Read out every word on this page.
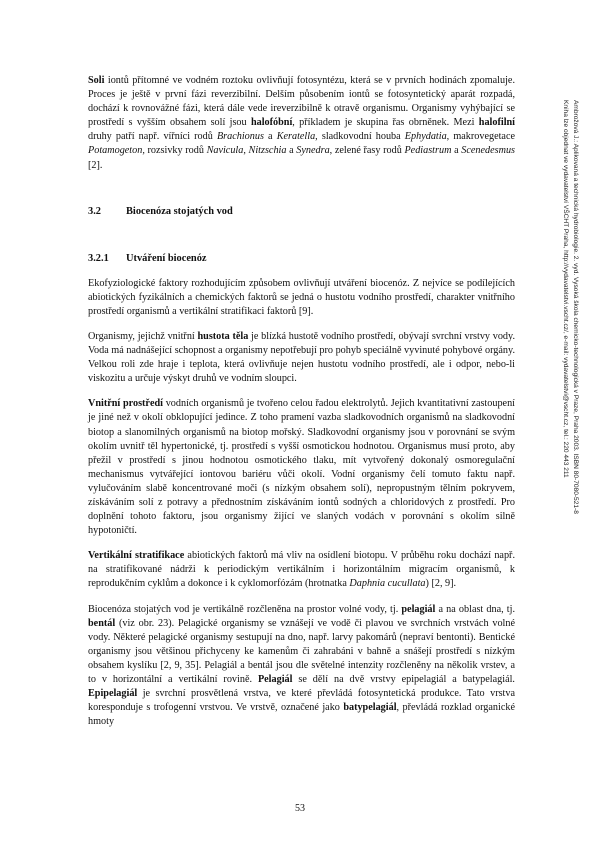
Soli iontů přítomné ve vodném roztoku ovlivňují fotosyntézu, která se v prvních hodinách zpomaluje. Proces je ještě v první fázi reverzibilní. Delším působením iontů se fotosyntetický aparát rozpadá, dochází k rovnovážné fázi, která dále vede ireverzibilně k otravě organismu. Organismy vyhýbající se prostředí s vyšším obsahem solí jsou halofóbní, příkladem je skupina řas obrněnek. Mezi halofilní druhy patří např. vířníci rodů Brachionus a Keratella, sladkovodní houba Ephydatia, makrovegetace Potamogeton, rozsivky rodů Navicula, Nitzschia a Synedra, zelené řasy rodů Pediastrum a Scenedesmus [2].

3.2	Biocenóza stojatých vod
3.2.1	Utváření biocenóz

Ekofyziologické faktory rozhodujícím způsobem ovlivňují utváření biocenóz. Z nejvíce se podílejících abiotických fyzikálních a chemických faktorů se jedná o hustotu vodního prostředí, charakter vnitřního prostředí organismů a vertikální stratifikaci faktorů [9].

Organismy, jejichž vnitřní hustota těla je blízká hustotě vodního prostředí, obývají svrchní vrstvy vody. Voda má nadnášející schopnost a organismy nepotřebují pro pohyb speciálně vyvinuté pohybové orgány. Velkou roli zde hraje i teplota, která ovlivňuje nejen hustotu vodního prostředí, ale i odpor, nebo-li viskozitu a určuje výskyt druhů ve vodním sloupci.

Vnitřní prostředí vodních organismů je tvořeno celou řadou elektrolytů. Jejich kvantitativní zastoupení je jiné než v okolí obklopující jedince. Z toho pramení vazba sladkovodních organismů na sladkovodní biotop a slanomilných organismů na biotop mořský. Sladkovodní organismy jsou v porovnání se svým okolím uvnitř těl hypertonické, tj. prostředí s vyšší osmotickou hodnotou. Organismus musí proto, aby přežil v prostředí s jinou hodnotou osmotického tlaku, mít vytvořený dokonalý osmoregulační mechanismus vytvářející iontovou bariéru vůči okolí. Vodní organismy čelí tomuto faktu např. vylučováním slabě koncentrované moči (s nízkým obsahem solí), nepropustným tělním pokryvem, získáváním solí z potravy a přednostním získáváním iontů sodných a chloridových z prostředí. Pro doplnění tohoto faktoru, jsou organismy žijící ve slaných vodách v porovnání s okolím silně hypotoničtí.

Vertikální stratifikace abiotických faktorů má vliv na osídlení biotopu. V průběhu roku dochází např. na stratifikované nádrži k periodickým vertikálním i horizontálním migracím organismů, k reprodukčním cyklům a dokonce i k cyklomorfózám (hrotnatka Daphnia cucullata) [2, 9].

Biocenóza stojatých vod je vertikálně rozčleněna na prostor volné vody, tj. pelagiál a na oblast dna, tj. bentál (viz obr. 23). Pelagické organismy se vznášejí ve vodě či plavou ve svrchních vrstvách volné vody. Některé pelagické organismy sestupují na dno, např. larvy pakomárů (nepraví bentonti). Bentické organismy jsou většinou přichyceny ke kamenům či zahrabáni v bahně a snášejí prostředí s nízkým obsahem kyslíku [2, 9, 35]. Pelagiál a bentál jsou dle světelné intenzity rozčleněny na několik vrstev, a to v horizontální a vertikální rovině. Pelagiál se dělí na dvě vrstvy epipelagiál a batypelagiál. Epipelagiál je svrchní prosvětlená vrstva, ve které převládá fotosyntetická produkce. Tato vrstva koresponduje s trofogenní vrstvou. Ve vrstvě, označené jako batypelagiál, převládá rozklad organické hmoty

Ambrožová J.: Aplikovaná a technická hydrobiologie. 2. vyd. Vysoká škola chemicko-technologická v Praze, Praha 2003. ISBN 80-7080-521-8
Kniha lze objednat ve vydavatelství VŠCHT Praha, http://vydavatelstvi.vscht.cz/, e-mail: vydavatelstvi@vscht.cz, tel.: 220 443 211
53
